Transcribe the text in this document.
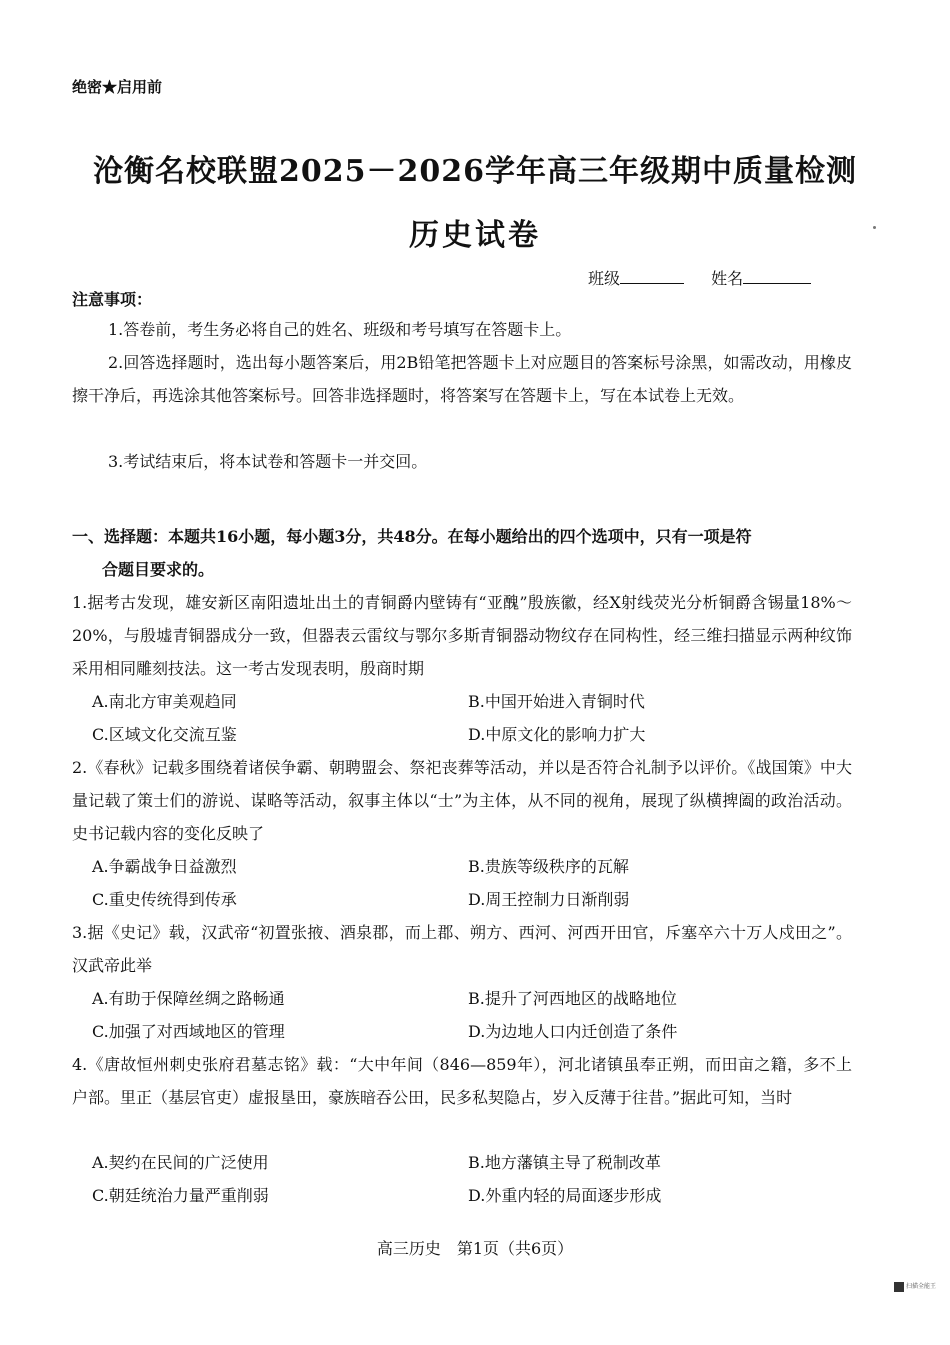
绝密★启用前
沧衡名校联盟2025－2026学年高三年级期中质量检测
历史试卷
班级	姓名
注意事项：
1.答卷前，考生务必将自己的姓名、班级和考号填写在答题卡上。
2.回答选择题时，选出每小题答案后，用2B铅笔把答题卡上对应题目的答案标号涂黑，如需改动，用橡皮擦干净后，再选涂其他答案标号。回答非选择题时，将答案写在答题卡上，写在本试卷上无效。
3.考试结束后，将本试卷和答题卡一并交回。
一、选择题：本题共16小题，每小题3分，共48分。在每小题给出的四个选项中，只有一项是符
合题目要求的。
1.据考古发现，雄安新区南阳遗址出土的青铜爵内壁铸有“亚醜”殷族徽，经X射线荧光分析铜爵含锡量18%～20%，与殷墟青铜器成分一致，但器表云雷纹与鄂尔多斯青铜器动物纹存在同构性，经三维扫描显示两种纹饰采用相同雕刻技法。这一考古发现表明，殷商时期
A.南北方审美观趋同	B.中国开始进入青铜时代
C.区域文化交流互鉴	D.中原文化的影响力扩大
2.《春秋》记载多围绕着诸侯争霸、朝聘盟会、祭祀丧葬等活动，并以是否符合礼制予以评价。《战国策》中大量记载了策士们的游说、谋略等活动，叙事主体以“士”为主体，从不同的视角，展现了纵横捭阖的政治活动。史书记载内容的变化反映了
A.争霸战争日益激烈	B.贵族等级秩序的瓦解
C.重史传统得到传承	D.周王控制力日渐削弱
3.据《史记》载，汉武帝“初置张掖、酒泉郡，而上郡、朔方、西河、河西开田官，斥塞卒六十万人戍田之”。汉武帝此举
A.有助于保障丝绸之路畅通	B.提升了河西地区的战略地位
C.加强了对西域地区的管理	D.为边地人口内迁创造了条件
4.《唐故恒州刺史张府君墓志铭》载：“大中年间（846—859年），河北诸镇虽奉正朔，而田亩之籍，多不上户部。里正（基层官吏）虚报垦田，豪族暗吞公田，民多私契隐占，岁入反薄于往昔。”据此可知，当时
A.契约在民间的广泛使用	B.地方藩镇主导了税制改革
C.朝廷统治力量严重削弱	D.外重内轻的局面逐步形成
高三历史　第1页（共6页）
扫描全能王
